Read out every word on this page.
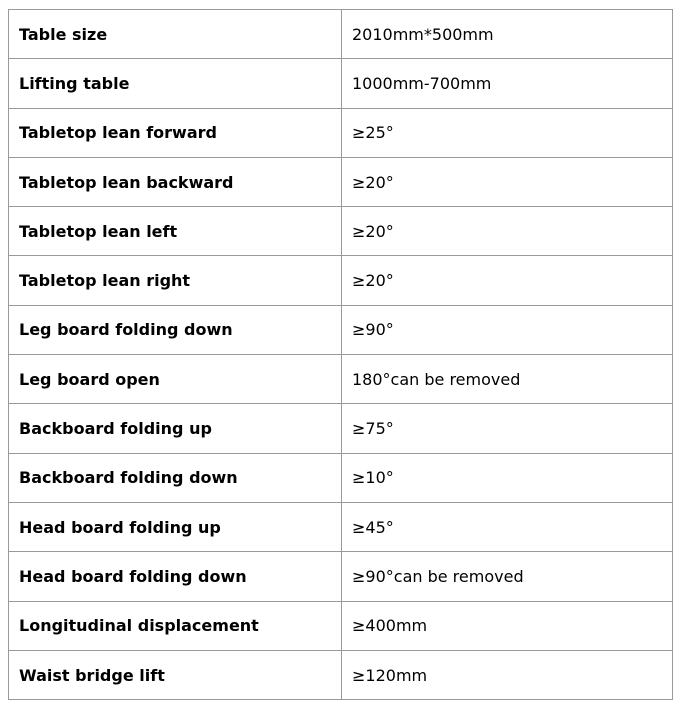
Table size	2010mm*500mm
Lifting table	1000mm-700mm
Tabletop lean forward	≥25°
Tabletop lean backward	≥20°
Tabletop lean left	≥20°
Tabletop lean right	≥20°
Leg board folding down	≥90°
Leg board open	180°can be removed
Backboard folding up	≥75°
Backboard folding down	≥10°
Head board folding up	≥45°
Head board folding down	≥90°can be removed
Longitudinal displacement	≥400mm
Waist bridge lift	≥120mm
